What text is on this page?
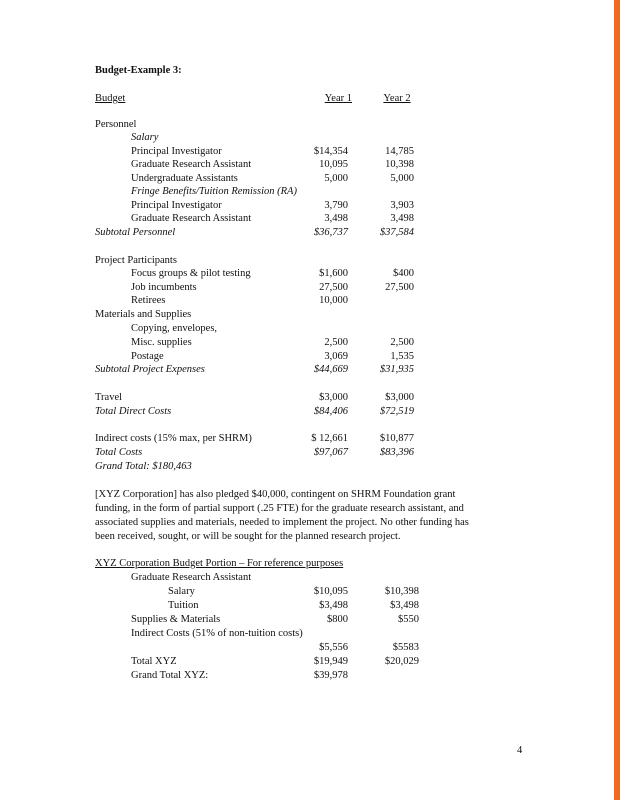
Budget-Example 3:
Budget	Year 1	Year 2
Personnel
Salary
Principal Investigator	$14,354	14,785
Graduate Research Assistant	10,095	10,398
Undergraduate Assistants	5,000	5,000
Fringe Benefits/Tuition Remission (RA)
Principal Investigator	3,790	3,903
Graduate Research Assistant	3,498	3,498
Subtotal Personnel	$36,737	$37,584
Project Participants
Focus groups & pilot testing	$1,600	$400
Job incumbents	27,500	27,500
Retirees	10,000
Materials and Supplies
Copying, envelopes,
Misc. supplies	2,500	2,500
Postage	3,069	1,535
Subtotal Project Expenses	$44,669	$31,935
Travel	$3,000	$3,000
Total Direct Costs	$84,406	$72,519
Indirect costs (15% max, per SHRM)	$ 12,661	$10,877
Total Costs	$97,067	$83,396
Grand Total: $180,463
[XYZ Corporation] has also pledged $40,000, contingent on SHRM Foundation grant
funding, in the form of partial support (.25 FTE) for the graduate research assistant, and
associated supplies and materials, needed to implement the project. No other funding has
been received, sought, or will be sought for the planned research project.
XYZ Corporation Budget Portion – For reference purposes
Graduate Research Assistant
Salary	$10,095	$10,398
Tuition	$3,498	$3,498
Supplies & Materials	$800	$550
Indirect Costs (51% of non-tuition costs)
$5,556	$5583
Total XYZ	$19,949	$20,029
Grand Total XYZ:	$39,978
4
